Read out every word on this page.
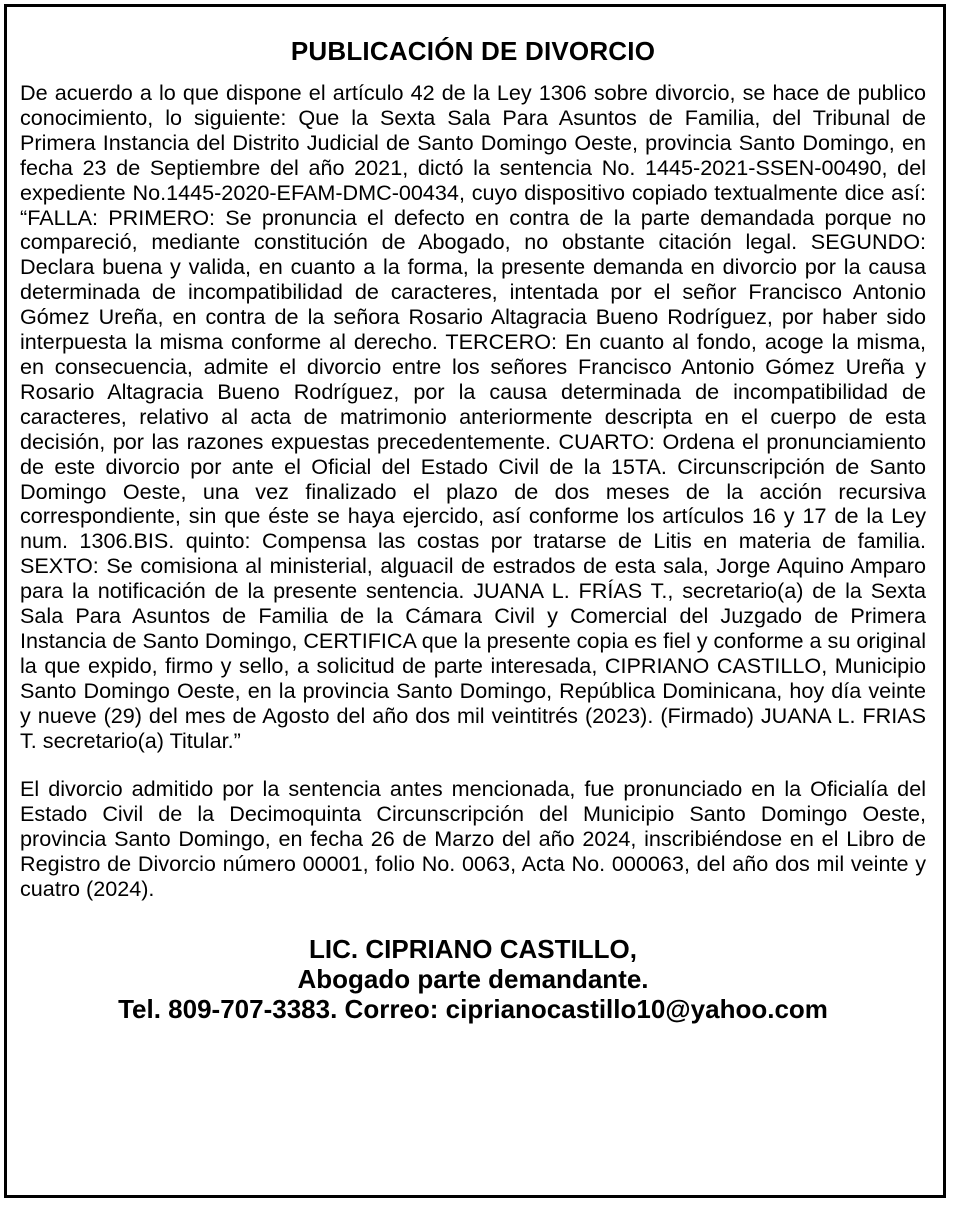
PUBLICACIÓN DE DIVORCIO

De acuerdo a lo que dispone el artículo 42 de la Ley 1306 sobre divorcio, se hace de publico conocimiento, lo siguiente: Que la Sexta Sala Para Asuntos de Familia, del Tribunal de Primera Instancia del Distrito Judicial de Santo Domingo Oeste, provincia Santo Domingo, en fecha 23 de Septiembre del año 2021, dictó la sentencia No. 1445-2021-SSEN-00490, del expediente No.1445-2020-EFAM-DMC-00434, cuyo dispositivo copiado textualmente dice así: “FALLA: PRIMERO: Se pronuncia el defecto en contra de la parte demandada porque no compareció, mediante constitución de Abogado, no obstante citación legal. SEGUNDO: Declara buena y valida, en cuanto a la forma, la presente demanda en divorcio por la causa determinada de incompatibilidad de caracteres, intentada por el señor Francisco Antonio Gómez Ureña, en contra de la señora Rosario Altagracia Bueno Rodríguez, por haber sido interpuesta la misma conforme al derecho. TERCERO: En cuanto al fondo, acoge la misma, en consecuencia, admite el divorcio entre los señores Francisco Antonio Gómez Ureña y Rosario Altagracia Bueno Rodríguez, por la causa determinada de incompatibilidad de caracteres, relativo al acta de matrimonio anteriormente descripta en el cuerpo de esta decisión, por las razones expuestas precedentemente. CUARTO: Ordena el pronunciamiento de este divorcio por ante el Oficial del Estado Civil de la 15TA. Circunscripción de Santo Domingo Oeste, una vez finalizado el plazo de dos meses de la acción recursiva correspondiente, sin que éste se haya ejercido, así conforme los artículos 16 y 17 de la Ley num. 1306.BIS. quinto: Compensa las costas por tratarse de Litis en materia de familia. SEXTO: Se comisiona al ministerial, alguacil de estrados de esta sala, Jorge Aquino Amparo para la notificación de la presente sentencia. JUANA L. FRÍAS T., secretario(a) de la Sexta Sala Para Asuntos de Familia de la Cámara Civil y Comercial del Juzgado de Primera Instancia de Santo Domingo, CERTIFICA que la presente copia es fiel y conforme a su original la que expido, firmo y sello, a solicitud de parte interesada, CIPRIANO CASTILLO, Municipio Santo Domingo Oeste, en la provincia Santo Domingo, República Dominicana, hoy día veinte y nueve (29) del mes de Agosto del año dos mil veintitrés (2023). (Firmado) JUANA L. FRIAS T. secretario(a) Titular.”

El divorcio admitido por la sentencia antes mencionada, fue pronunciado en la Oficialía del Estado Civil de la Decimoquinta Circunscripción del Municipio Santo Domingo Oeste, provincia Santo Domingo, en fecha 26 de Marzo del año 2024, inscribiéndose en el Libro de Registro de Divorcio número 00001, folio No. 0063, Acta No. 000063, del año dos mil veinte y cuatro (2024).

LIC. CIPRIANO CASTILLO,
Abogado parte demandante.
Tel. 809-707-3383. Correo: ciprianocastillo10@yahoo.com
